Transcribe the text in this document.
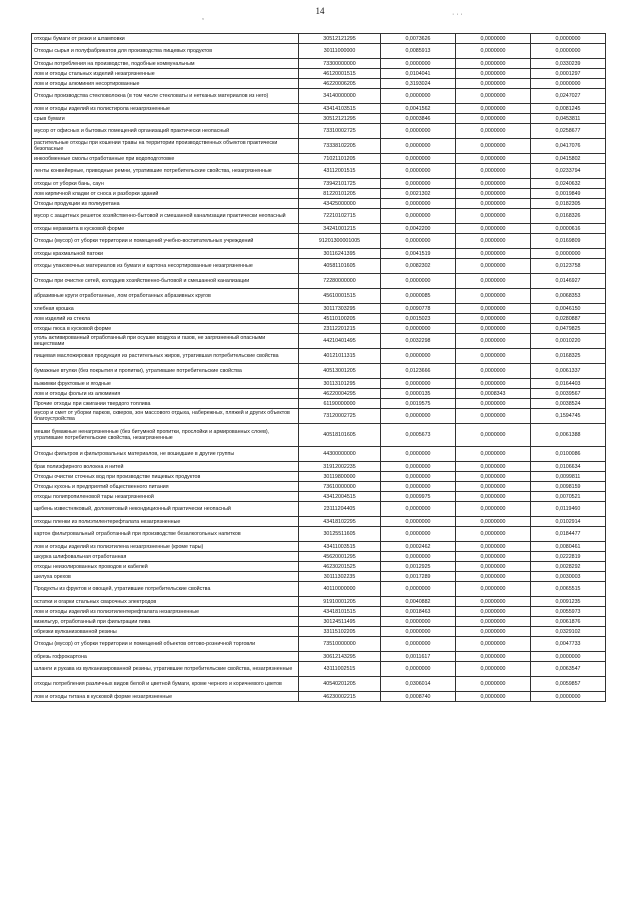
14
,	· · ·
отходы бумаги от резки и штамповки	30512121295	0,0073626	0,0000000	0,0000000
Отходы сырья и полуфабрикатов для производства пищевых продуктов	30111000000	0,0085913	0,0000000	0,0000000
Отходы потребления на производстве, подобные коммунальным	73300000000	0,0000000	0,0000000	0,0330239
лом и отходы стальных изделий незагрязненные	46120001515	0,0104041	0,0000000	0,0001297
лом и отходы алюминия несортированные	46220006205	0,3193024	0,0000000	0,0000000
Отходы производства стекловолокна (в том числе стекловаты и нетканых материалов из него)	34140000000	0,0000000	0,0000000	0,0247027
лом и отходы изделий из полистирола незагрязненные	43414103515	0,0041562	0,0000000	0,0081245
срыв бумаги	30512121295	0,0003846	0,0000000	0,0453811
мусор от офисных и бытовых помещений организаций практически неопасный	73310002725	0,0000000	0,0000000	0,0258677
растительные отходы при кошении травы на территории производственных объектов практически безопасные	73338102205	0,0000000	0,0000000	0,0417076
инкообменные смолы отработанные при водоподготовке	71021101205	0,0000000	0,0000000	0,0415802
ленты конвейерные, приводные ремни, утратившие потребительские свойства, незагрязненные	43112001515	0,0000000	0,0000000	0,0233794
отходы от уборки бань, саун	73942101725	0,0000000	0,0000000	0,0240632
лом кирпичной кладки от сноса и разборки зданий	81220101205	0,0021302	0,0000000	0,0019849
Отходы продукции из полиуретана	43425000000	0,0000000	0,0000000	0,0182305
мусор с защитных решеток хозяйственно-бытовой и смешанной канализации практически неопасный	72210102715	0,0000000	0,0000000	0,0168326
отходы керамзита в кусковой форме	34241001215	0,0042200	0,0000000	0,0000616
Отходы (мусор) от уборки территории и помещений учебно-воспитательных учреждений	91201300001005	0,0000000	0,0000000	0,0169809
отходы крахмальной патоки	30116241395	0,0041519	0,0000000	0,0000000
отходы упаковочных материалов из бумаги и картона несортированные незагрязненные	40581101605	0,0082302	0,0000000	0,0123758
Отходы при очистке сетей, колодцев хозяйственно-бытовой и смешанной канализации	72280000000	0,0000000	0,0000000	0,0146927
абразивные круги отработанные, лом отработанных абразивных кругов	45610001515	0,0000085	0,0000000	0,0068353
хлебная крошка	30117303295	0,0090778	0,0000000	0,0046150
лом изделий из стекла	45110100205	0,0015023	0,0000000	0,0280887
отходы пюса в кусковой форме	23112201215	0,0000000	0,0000000	0,0479825
уголь активированный отработанный при осушке воздуха и газов, не загрязненный опасными веществами	44210401495	0,0032298	0,0000000	0,0010220
пищевая масложировая продукция из растительных жиров, утратившая потребительские свойства	40121011315	0,0000000	0,0000000	0,0168325
бумажные втулки (без покрытия и пропитки), утратившие потребительские свойства	40513001205	0,0123666	0,0000000	0,0061337
выжимки фруктовые и ягодные	30113101295	0,0000000	0,0000000	0,0164403
лом и отходы фольги из алюминия	46220004295	0,0000135	0,0008343	0,0039567
Прочие отходы при сжигании твердого топлива	61190000000	0,0019575	0,0000000	0,0038524
мусор и смет от уборки парков, скверов, зон массового отдыха, набережных, пляжей и других объектов благоустройства	73120002725	0,0000000	0,0000000	0,1594745
мешки бумажные ненагрязненные (без битумной пропитки, прослойки и армированных слоев), утратившие потребительские свойства, незагрязненные	40518101605	0,0005673	0,0000000	0,0061388
Отходы фильтров и фильтровальных материалов, не вошедшие в другие группы	44300000000	0,0000000	0,0000000	0,0100086
брак полиэфирного волокна и нитей	31912002235	0,0000000	0,0000000	0,0106634
Отходы очистки сточных вод при производстве пищевых продуктов	30119800000	0,0000000	0,0000000	0,0099811
Отходы кухонь и предприятий общественного питания	73610000000	0,0000000	0,0000000	0,0098159
отходы полипропиленовой тары незагрязненной	43412004515	0,0009975	0,0000000	0,0070521
щебень известняковый, доломитовый некондиционный практически неопасный	23111204405	0,0000000	0,0000000	0,0119460
отходы пленки из полиэтилентерефталата незагрязненные	43418102295	0,0000000	0,0000000	0,0102914
картон фильтровальный отработанный при производстве безалкогольных напитков	30125511605	0,0000000	0,0000000	0,0184477
лом и отходы изделий из полиэтилена незагрязненные (кроме тары)	43411003515	0,0002462	0,0000000	0,0080461
шкурка шлифовальная отработанная	45620001295	0,0000000	0,0000000	0,0222819
отходы неизолированных проводов и кабелей	46230201525	0,0012925	0,0000000	0,0028292
шелуха орехов	30111302235	0,0017289	0,0000000	0,0030003
Продукты из фруктов и овощей, утратившие потребительские свойства	40110000000	0,0000000	0,0000000	0,0065515
остатки и огарки стальных сварочных электродов	91910001205	0,0040882	0,0000000	0,0091235
лом и отходы изделий из полиэтилентерефталата незагрязненные	43418101515	0,0018463	0,0000000	0,0055973
кизельгур, отработанный при фильтрации пива	30124511495	0,0000000	0,0000000	0,0061876
обрезки вулканизованной резины	33115102205	0,0000000	0,0000000	0,0329102
Отходы (мусор) от уборки территории и помещений объектов оптово-розничной торговли	73510000000	0,0000000	0,0000000	0,0047733
обрезь гофрокартона	30612143295	0,0011617	0,0000000	0,0000000
шланги и рукава из вулканизированной резины, утратившие потребительские свойства, незагрязненные	43111002515	0,0000000	0,0000000	0,0063547
отходы потребления различных видов белой и цветной бумаги, кроме черного и коричневого цветов	40540201205	0,0306014	0,0000000	0,0059857
лом и отходы титана в кусковой форме незагрязненные	46230002215	0,0008740	0,0000000	0,0000000
